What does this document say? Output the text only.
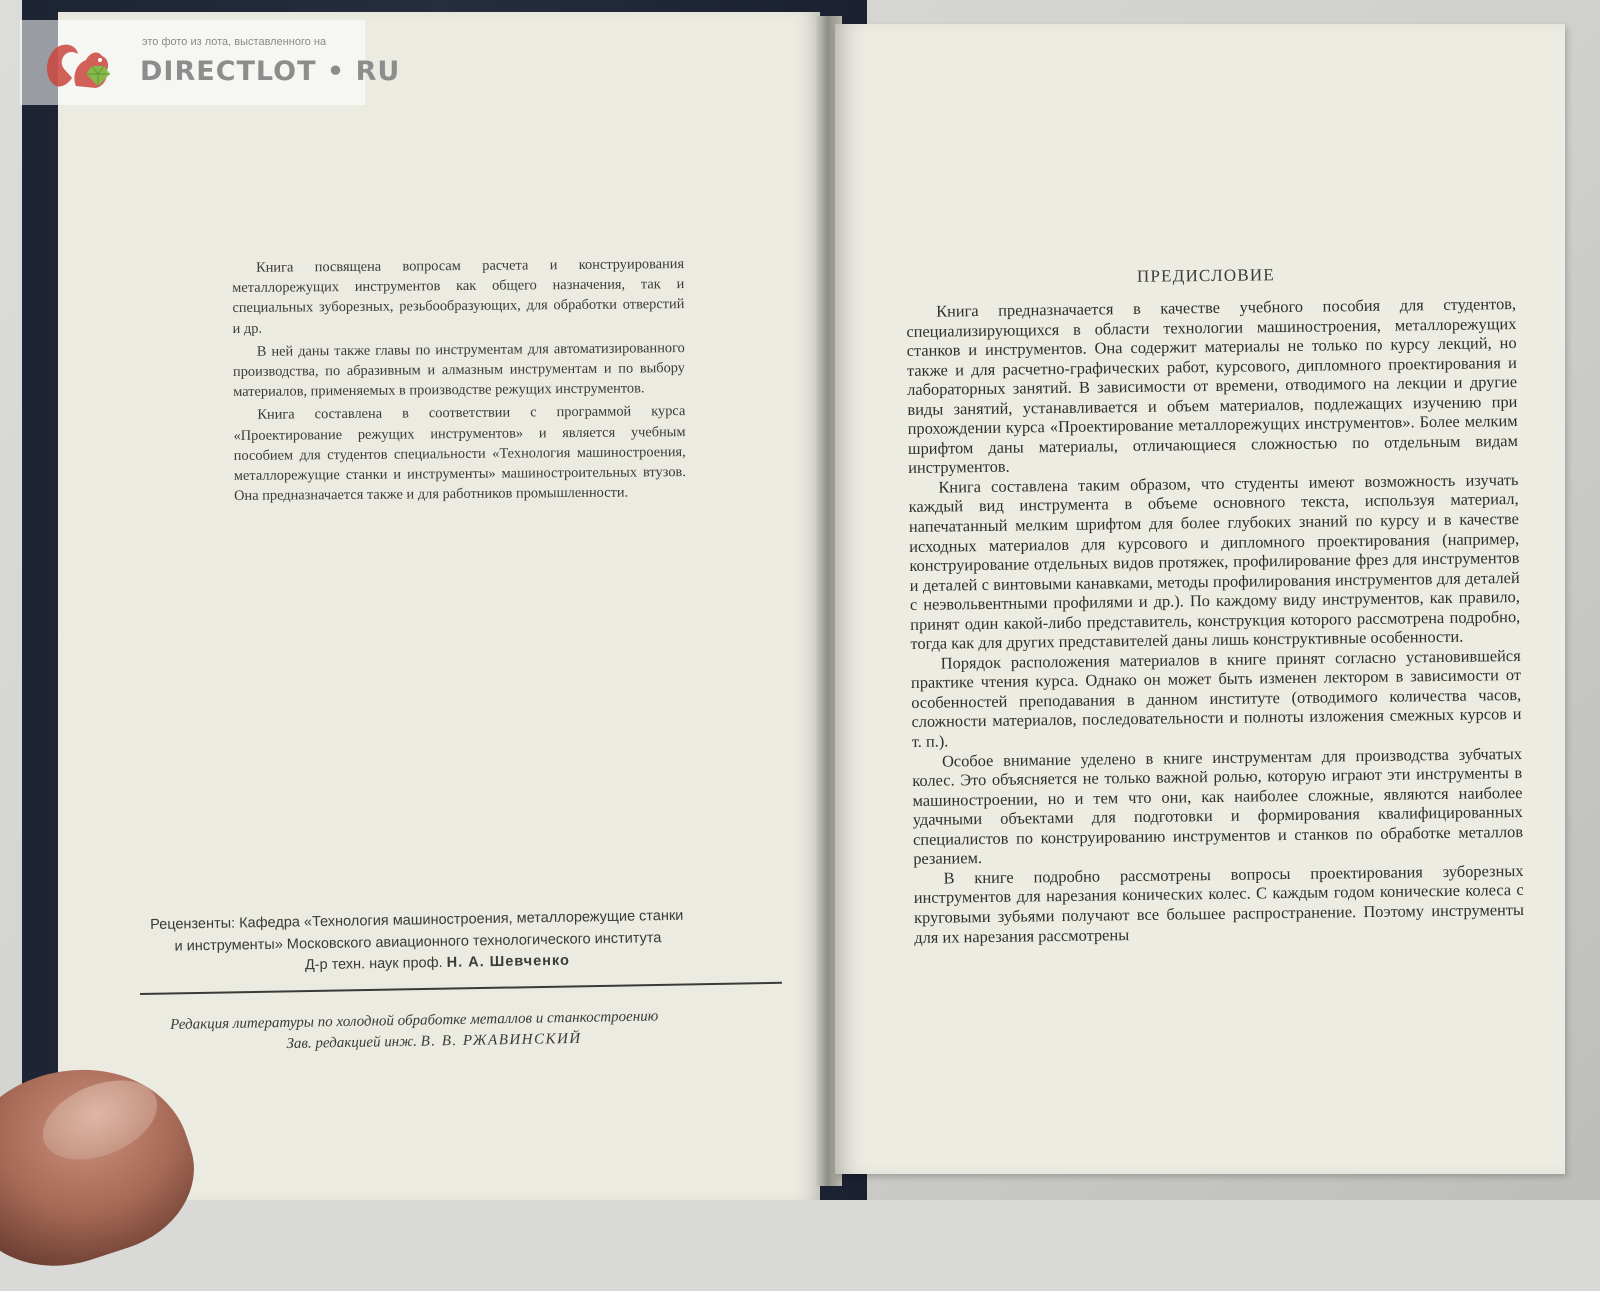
это фото из лота, выставленного на
DIRECTLOT • RU

Книга посвящена вопросам расчета и конструирования металлорежущих инструментов как общего назначения, так и специальных зуборезных, резьбообразующих, для обработки отверстий и др.

В ней даны также главы по инструментам для автоматизированного производства, по абразивным и алмазным инструментам и по выбору материалов, применяемых в производстве режущих инструментов.

Книга составлена в соответствии с программой курса «Проектирование режущих инструментов» и является учебным пособием для студентов специальности «Технология машиностроения, металлорежущие станки и инструменты» машиностроительных втузов. Она предназначается также и для работников промышленности.

Рецензенты: Кафедра «Технология машиностроения, металлорежущие станки
и инструменты» Московского авиационного технологического института
Д-р техн. наук проф. Н. А. Шевченко
Редакция литературы по холодной обработке металлов и станкостроению
Зав. редакцией инж. В. В. РЖАВИНСКИЙ
ПРЕДИСЛОВИЕ

Книга предназначается в качестве учебного пособия для студентов, специализирующихся в области технологии машиностроения, металлорежущих станков и инструментов. Она содержит материалы не только по курсу лекций, но также и для расчетно-графических работ, курсового, дипломного проектирования и лабораторных занятий. В зависимости от времени, отводимого на лекции и другие виды занятий, устанавливается и объем материалов, подлежащих изучению при прохождении курса «Проектирование металлорежущих инструментов». Более мелким шрифтом даны материалы, отличающиеся сложностью по отдельным видам инструментов.

Книга составлена таким образом, что студенты имеют возможность изучать каждый вид инструмента в объеме основного текста, используя материал, напечатанный мелким шрифтом для более глубоких знаний по курсу и в качестве исходных материалов для курсового и дипломного проектирования (например, конструирование отдельных видов протяжек, профилирование фрез для инструментов и деталей с винтовыми канавками, методы профилирования инструментов для деталей с неэвольвентными профилями и др.). По каждому виду инструментов, как правило, принят один какой-либо представитель, конструкция которого рассмотрена подробно, тогда как для других представителей даны лишь конструктивные особенности.

Порядок расположения материалов в книге принят согласно установившейся практике чтения курса. Однако он может быть изменен лектором в зависимости от особенностей преподавания в данном институте (отводимого количества часов, сложности материалов, последовательности и полноты изложения смежных курсов и т. п.).

Особое внимание уделено в книге инструментам для производства зубчатых колес. Это объясняется не только важной ролью, которую играют эти инструменты в машиностроении, но и тем что они, как наиболее сложные, являются наиболее удачными объектами для подготовки и формирования квалифицированных специалистов по конструированию инструментов и станков по обработке металлов резанием.

В книге подробно рассмотрены вопросы проектирования зуборезных инструментов для нарезания конических колес. С каждым годом конические колеса с круговыми зубьями получают все большее распространение. Поэтому инструменты для их нарезания рассмотрены
